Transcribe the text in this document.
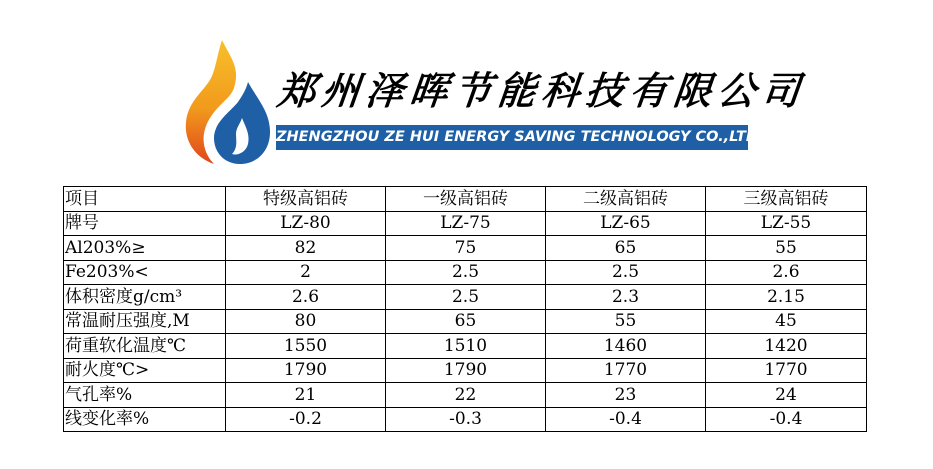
郑州泽晖节能科技有限公司
ZHENGZHOU ZE HUI ENERGY SAVING TECHNOLOGY CO.,LTD
项目	特级高铝砖	一级高铝砖	二级高铝砖	三级高铝砖
牌号	LZ-80	LZ-75	LZ-65	LZ-55
Al203%≥	82	75	65	55
Fe203%<	2	2.5	2.5	2.6
体积密度g/cm³	2.6	2.5	2.3	2.15
常温耐压强度,M	80	65	55	45
荷重软化温度℃	1550	1510	1460	1420
耐火度℃>	1790	1790	1770	1770
气孔率%	21	22	23	24
线变化率%	-0.2	-0.3	-0.4	-0.4
